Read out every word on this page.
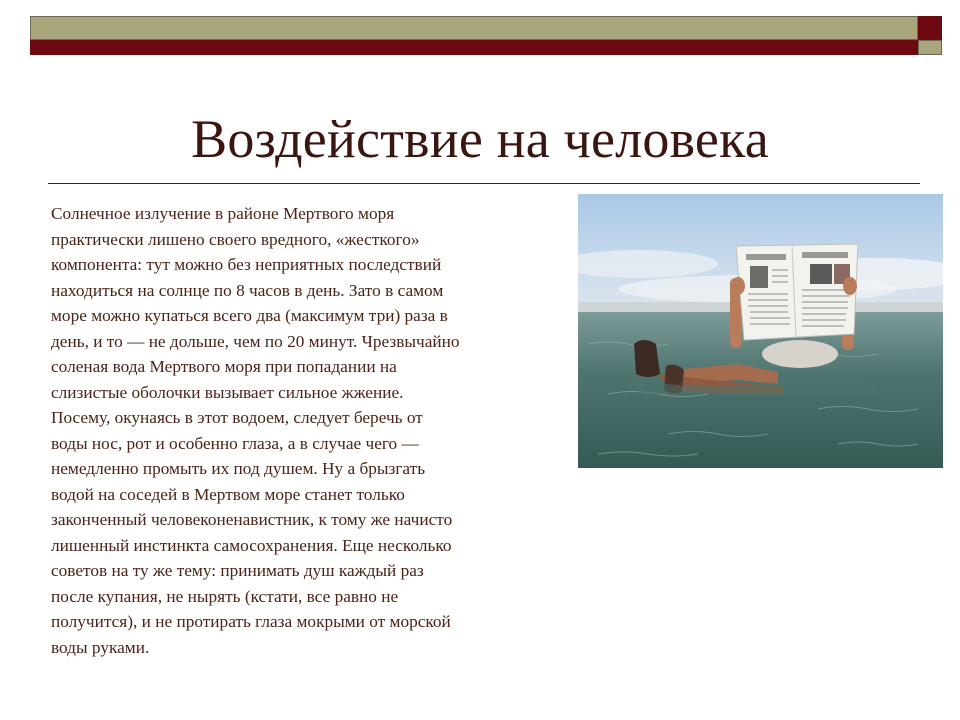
Воздействие на человека
Солнечное излучение в районе Мертвого моря
практически лишено своего вредного, «жесткого»
компонента: тут можно без неприятных последствий
находиться на солнце по 8 часов в день. Зато в самом
море можно купаться всего два (максимум три) раза в
день, и то — не дольше, чем по 20 минут. Чрезвычайно
соленая вода Мертвого моря при попадании на
слизистые оболочки вызывает сильное жжение.
Посему, окунаясь в этот водоем, следует беречь от
воды нос, рот и особенно глаза, а в случае чего —
немедленно промыть их под душем. Ну а брызгать
водой на соседей в Мертвом море станет только
законченный человеконенавистник, к тому же начисто
лишенный инстинкта самосохранения. Еще несколько
советов на ту же тему: принимать душ каждый раз
после купания, не нырять (кстати, все равно не
получится), и не протирать глаза мокрыми от морской
воды руками.
